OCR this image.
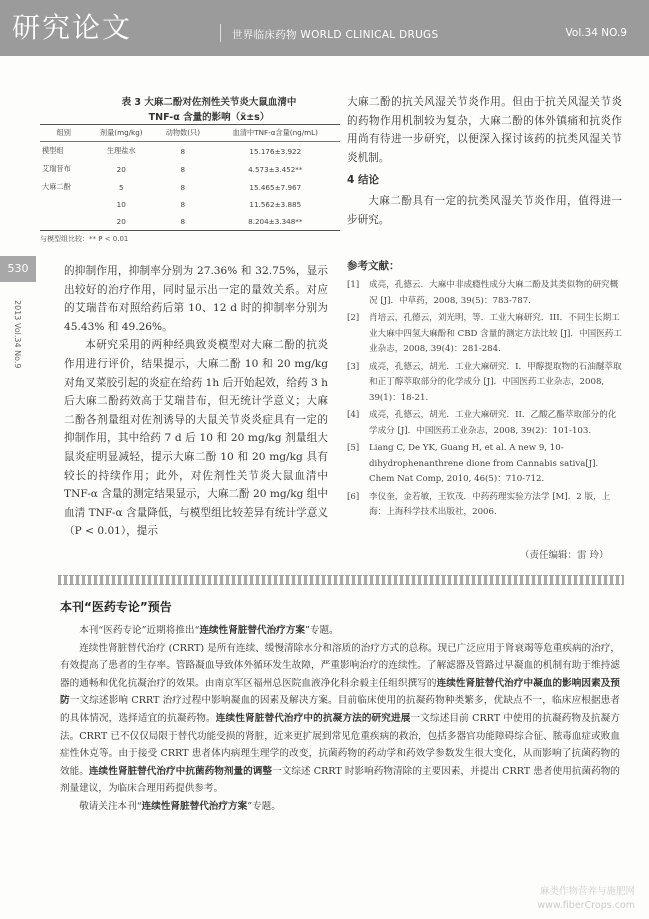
研究论文	世界临床药物 WORLD CLINICAL DRUGS	Vol.34 NO.9
530
2013 Vol.34 No.9
表 3 大麻二酚对佐剂性关节炎大鼠血清中
TNF-α 含量的影响（x̄±s）
组别	剂量(mg/kg)	动物数(只)	血清中TNF-α含量(ng/mL)
模型组	生理盐水	8	15.176±3.922
艾瑞昔布	20	8	4.573±3.452**
大麻二酚	5	8	15.465±7.967
	10	8	11.562±3.885
	20	8	8.204±3.348**
与模型组比较：** P < 0.01

的抑制作用，抑制率分别为 27.36% 和 32.75%，显示出较好的治疗作用，同时显示出一定的量效关系。对应的艾瑞昔布对照给药后第 10、12 d 时的抑制率分别为 45.43% 和 49.26%。

本研究采用的两种经典致炎模型对大麻二酚的抗炎作用进行评价，结果提示，大麻二酚 10 和 20 mg/kg 对角叉菜胶引起的炎症在给药 1h 后开始起效，给药 3 h 后大麻二酚药效高于艾瑞昔布，但无统计学意义；大麻二酚各剂量组对佐剂诱导的大鼠关节炎炎症具有一定的抑制作用，其中给药 7 d 后 10 和 20 mg/kg 剂量组大鼠炎症明显减轻，提示大麻二酚 10 和 20 mg/kg 具有较长的持续作用；此外，对佐剂性关节炎大鼠血清中 TNF-α 含量的测定结果显示，大麻二酚 20 mg/kg 组中血清 TNF-α 含量降低，与模型组比较差异有统计学意义（P < 0.01），提示

大麻二酚的抗关风湿关节炎作用。但由于抗关风湿关节炎的药物作用机制较为复杂，大麻二酚的体外镇痛和抗炎作用尚有待进一步研究，以便深入探讨该药的抗类风湿关节炎机制。

4 结论

大麻二酚具有一定的抗类风湿关节炎作用，值得进一步研究。

参考文献：
[1] 成亮，孔德云．大麻中非成瘾性成分大麻二酚及其类似物的研究概况 [J]．中草药，2008, 39(5)：783-787.
[2] 肖培云，孔德云，刘光明，等．工业大麻研究．III．不同生长期工业大麻中四氢大麻酚和 CBD 含量的测定方法比较 [J]．中国医药工业杂志，2008, 39(4)：281-284.
[3] 成亮，孔德云，胡光．工业大麻研究．I．甲醇提取物的石油醚萃取和正丁醇萃取部分的化学成分 [J]．中国医药工业杂志，2008, 39(1)：18-21.
[4] 成亮，孔德云，胡光．工业大麻研究．II．乙酸乙酯萃取部分的化学成分 [J]．中国医药工业杂志，2008, 39(2)：101-103.
[5] Liang C, De YK, Guang H, et al. A new 9, 10-dihydrophenanthrene dione from Cannabis sativa[J]. Chem Nat Comp, 2010, 46(5)：710-712.
[6] 李仪奎，金若敏，王钦茂．中药药理实验方法学 [M]．2 版，上海：上海科学技术出版社，2006.
（责任编辑：雷 玲）
本刊“医药专论”预告

本刊“医药专论”近期将推出“连续性肾脏替代治疗方案”专题。

连续性肾脏替代治疗 (CRRT) 是所有连续、缓慢清除水分和溶质的治疗方式的总称。现已广泛应用于肾衰竭等危重疾病的治疗，有效提高了患者的生存率。管路凝血导致体外循环发生故障，严重影响治疗的连续性。了解滤器及管路过早凝血的机制有助于维持滤器的通畅和优化抗凝治疗的效果。由南京军区福州总医院血液净化科余毅主任组织撰写的连续性肾脏替代治疗中凝血的影响因素及预防一文综述影响 CRRT 治疗过程中影响凝血的因素及解决方案。目前临床使用的抗凝药物种类繁多，优缺点不一，临床应根据患者的具体情况，选择适宜的抗凝药物。连续性肾脏替代治疗中的抗凝方法的研究进展一文综述目前 CRRT 中使用的抗凝药物及抗凝方法。CRRT 已不仅仅局限于替代功能受损的肾脏，近来更扩展到常见危重疾病的救治，包括多器官功能障碍综合征、脓毒血症或败血症性休克等。由于接受 CRRT 患者体内病理生理学的改变，抗菌药物的药动学和药效学参数发生很大变化，从而影响了抗菌药物的效能。连续性肾脏替代治疗中抗菌药物剂量的调整一文综述 CRRT 时影响药物清除的主要因素，并提出 CRRT 患者使用抗菌药物的剂量建议，为临床合理用药提供参考。

敬请关注本刊“连续性肾脏替代治疗方案”专题。

麻类作物营养与施肥网
www.fiberCrops.com
